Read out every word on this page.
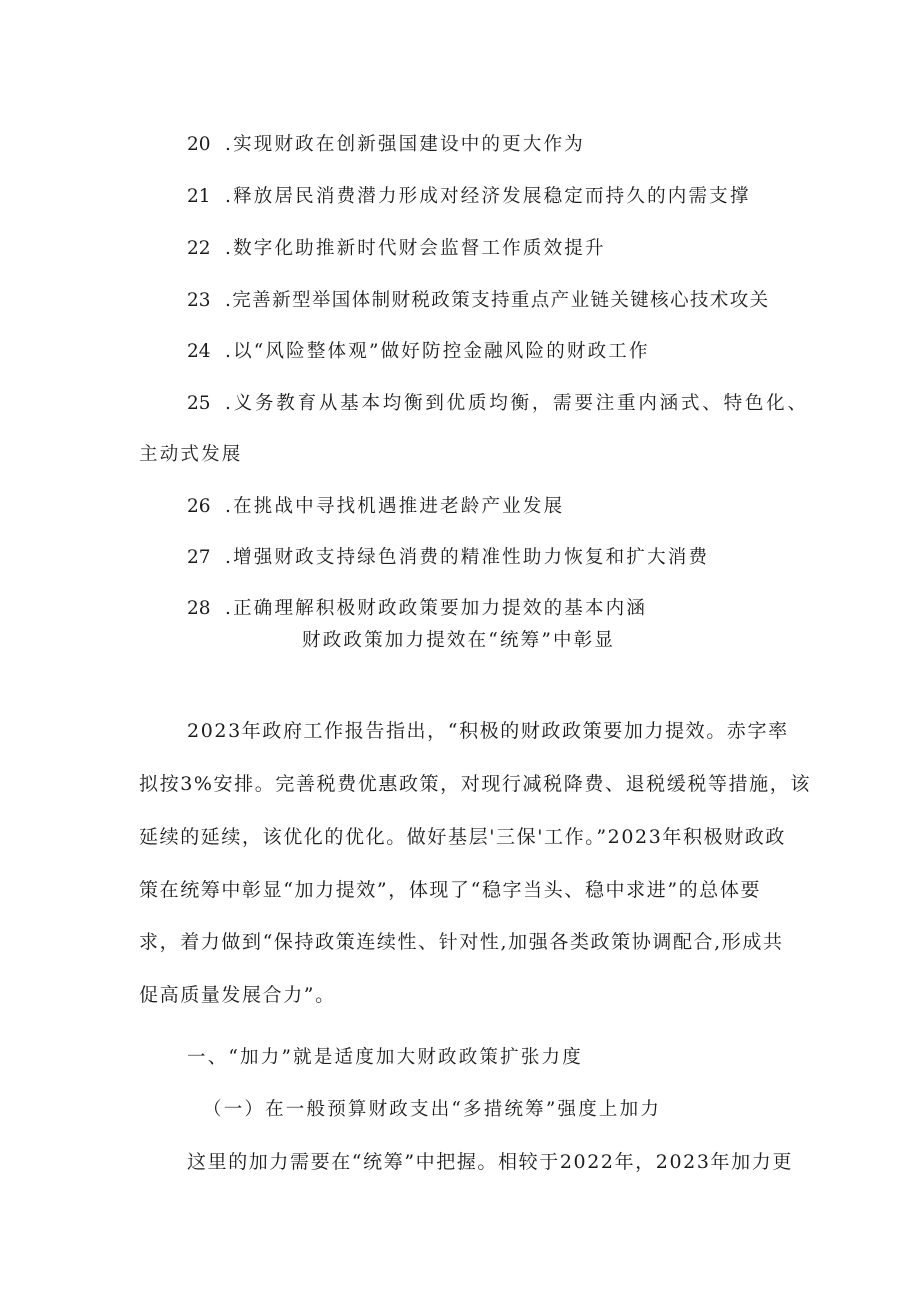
20 .实现财政在创新强国建设中的更大作为
21 .释放居民消费潜力形成对经济发展稳定而持久的内需支撑
22 .数字化助推新时代财会监督工作质效提升
23 .完善新型举国体制财税政策支持重点产业链关键核心技术攻关
24 .以“风险整体观”做好防控金融风险的财政工作
25 .义务教育从基本均衡到优质均衡，需要注重内涵式、特色化、
主动式发展
26 .在挑战中寻找机遇推进老龄产业发展
27 .增强财政支持绿色消费的精准性助力恢复和扩大消费
28 .正确理解积极财政政策要加力提效的基本内涵
财政政策加力提效在“统筹”中彰显
2023年政府工作报告指出，“积极的财政政策要加力提效。赤字率
拟按3%安排。完善税费优惠政策，对现行减税降费、退税缓税等措施，该
延续的延续，该优化的优化。做好基层'三保'工作。”2023年积极财政政
策在统筹中彰显“加力提效”，体现了“稳字当头、稳中求进”的总体要
求，着力做到“保持政策连续性、针对性,加强各类政策协调配合,形成共
促高质量发展合力”。
一、“加力”就是适度加大财政政策扩张力度
（一）在一般预算财政支出“多措统筹”强度上加力
这里的加力需要在“统筹”中把握。相较于2022年，2023年加力更
